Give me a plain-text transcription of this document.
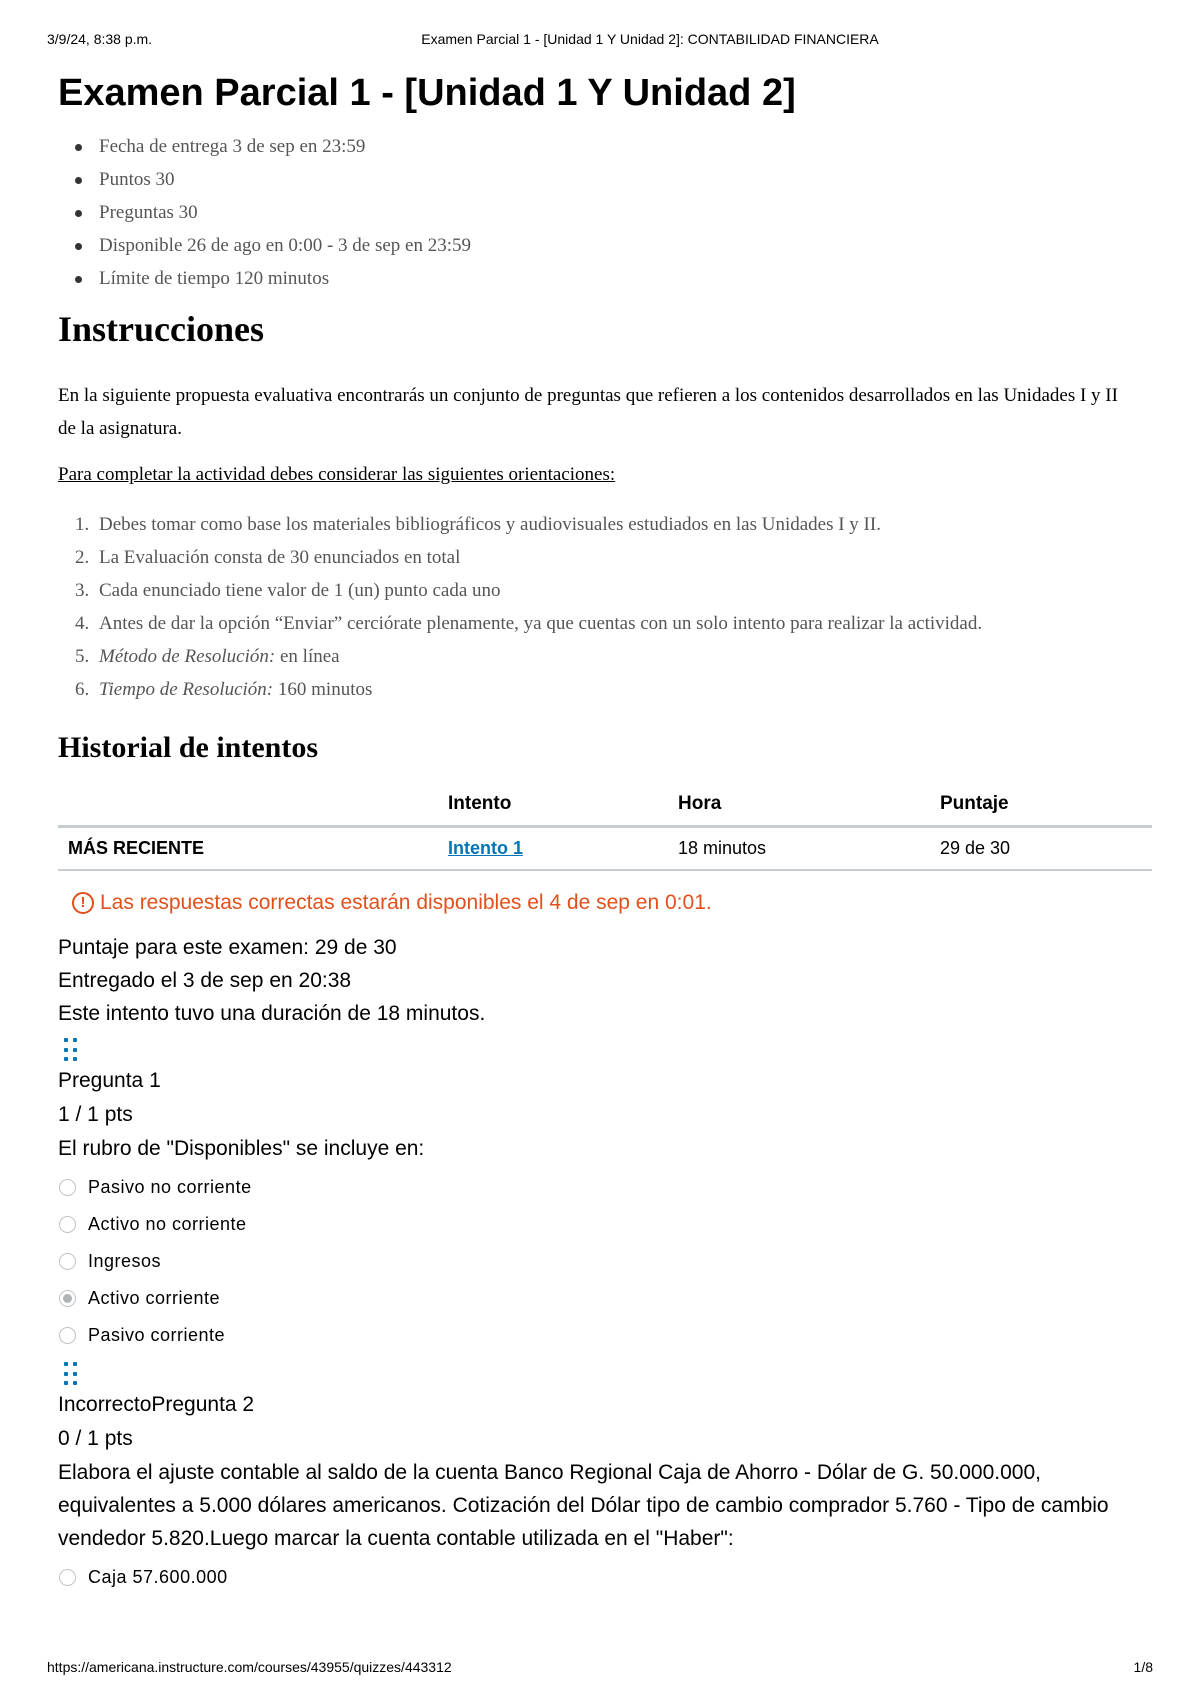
3/9/24, 8:38 p.m.	Examen Parcial 1 - [Unidad 1 Y Unidad 2]: CONTABILIDAD FINANCIERA
Examen Parcial 1 - [Unidad 1 Y Unidad 2]
Fecha de entrega 3 de sep en 23:59
Puntos 30
Preguntas 30
Disponible 26 de ago en 0:00 - 3 de sep en 23:59
Límite de tiempo 120 minutos
Instrucciones

En la siguiente propuesta evaluativa encontrarás un conjunto de preguntas que refieren a los contenidos desarrollados en las Unidades I y II de la asignatura.

Para completar la actividad debes considerar las siguientes orientaciones:

1. Debes tomar como base los materiales bibliográficos y audiovisuales estudiados en las Unidades I y II.
2. La Evaluación consta de 30 enunciados en total
3. Cada enunciado tiene valor de 1 (un) punto cada uno
4. Antes de dar la opción “Enviar” cerciórate plenamente, ya que cuentas con un solo intento para realizar la actividad.
5. Método de Resolución: en línea
6. Tiempo de Resolución: 160 minutos
Historial de intentos
	Intento	Hora	Puntaje
MÁS RECIENTE	Intento 1	18 minutos	29 de 30
! Las respuestas correctas estarán disponibles el 4 de sep en 0:01.
Puntaje para este examen: 29 de 30
Entregado el 3 de sep en 20:38
Este intento tuvo una duración de 18 minutos.
Pregunta 1
1 / 1 pts
El rubro de "Disponibles" se incluye en:
Pasivo no corriente
Activo no corriente
Ingresos
Activo corriente
Pasivo corriente
IncorrectoPregunta 2
0 / 1 pts
Elabora el ajuste contable al saldo de la cuenta Banco Regional Caja de Ahorro - Dólar de G. 50.000.000, equivalentes a 5.000 dólares americanos. Cotización del Dólar tipo de cambio comprador 5.760 - Tipo de cambio vendedor 5.820.Luego marcar la cuenta contable utilizada en el "Haber":
Caja 57.600.000
https://americana.instructure.com/courses/43955/quizzes/443312	1/8
